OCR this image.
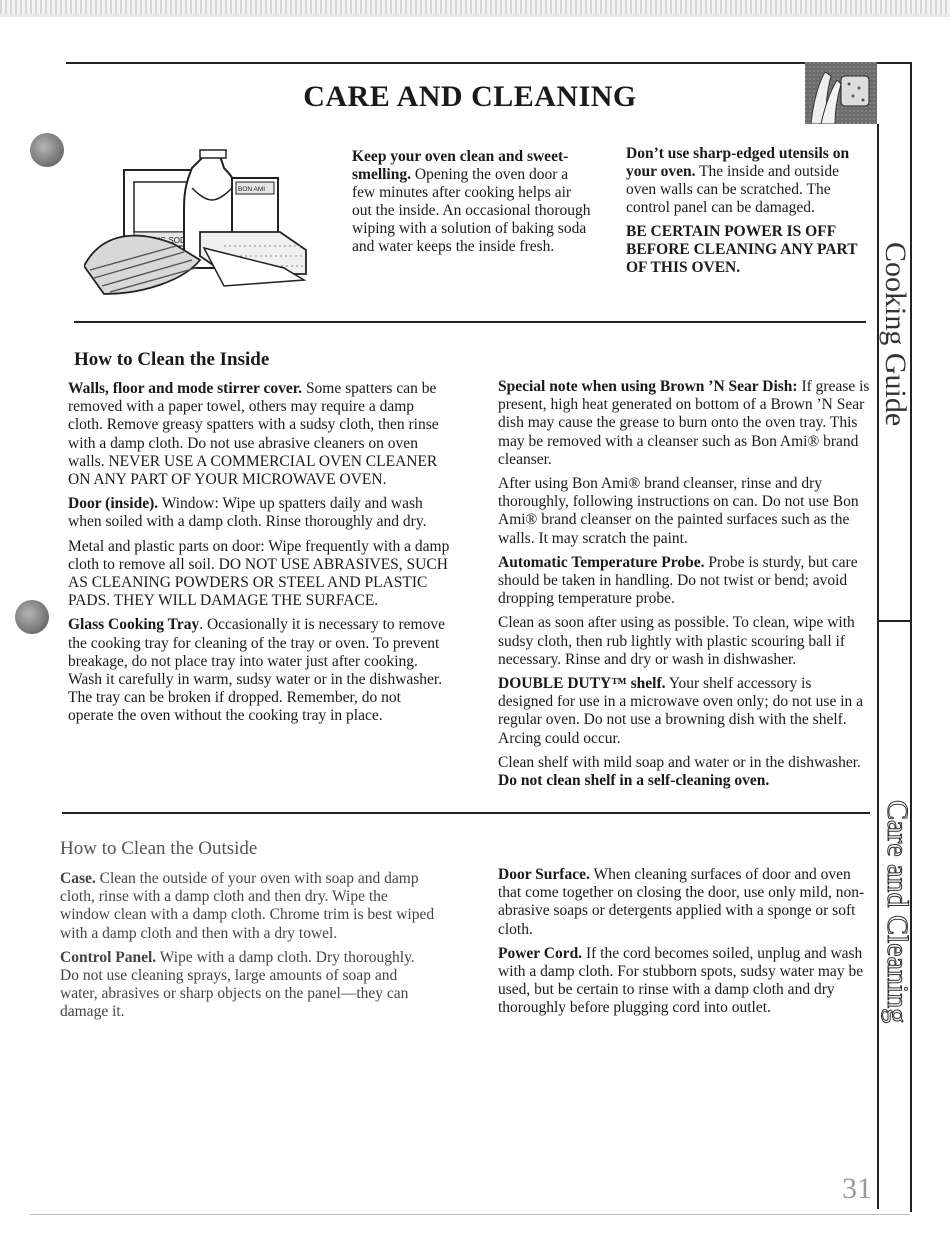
CARE AND CLEANING
Cooking Guide
Care and Cleaning
BON AMI
Keep your oven clean and sweet-smelling. Opening the oven door a few minutes after cooking helps air out the inside. An occasional thorough wiping with a solution of baking soda and water keeps the inside fresh.
Don’t use sharp-edged utensils on your oven. The inside and outside oven walls can be scratched. The control panel can be damaged.
BE CERTAIN POWER IS OFF BEFORE CLEANING ANY PART OF THIS OVEN.
How to Clean the Inside

Walls, floor and mode stirrer cover. Some spatters can be removed with a paper towel, others may require a damp cloth. Remove greasy spatters with a sudsy cloth, then rinse with a damp cloth. Do not use abrasive cleaners on oven walls. NEVER USE A COMMERCIAL OVEN CLEANER ON ANY PART OF YOUR MICROWAVE OVEN.

Door (inside). Window: Wipe up spatters daily and wash when soiled with a damp cloth. Rinse thoroughly and dry.

Metal and plastic parts on door: Wipe frequently with a damp cloth to remove all soil. DO NOT USE ABRASIVES, SUCH AS CLEANING POWDERS OR STEEL AND PLASTIC PADS. THEY WILL DAMAGE THE SURFACE.

Glass Cooking Tray. Occasionally it is necessary to remove the cooking tray for cleaning of the tray or oven. To prevent breakage, do not place tray into water just after cooking. Wash it carefully in warm, sudsy water or in the dishwasher. The tray can be broken if dropped. Remember, do not operate the oven without the cooking tray in place.

Special note when using Brown ’N Sear Dish: If grease is present, high heat generated on bottom of a Brown ’N Sear dish may cause the grease to burn onto the oven tray. This may be removed with a cleanser such as Bon Ami® brand cleanser.

After using Bon Ami® brand cleanser, rinse and dry thoroughly, following instructions on can. Do not use Bon Ami® brand cleanser on the painted surfaces such as the walls. It may scratch the paint.

Automatic Temperature Probe. Probe is sturdy, but care should be taken in handling. Do not twist or bend; avoid dropping temperature probe.

Clean as soon after using as possible. To clean, wipe with sudsy cloth, then rub lightly with plastic scouring ball if necessary. Rinse and dry or wash in dishwasher.

DOUBLE DUTY™ shelf. Your shelf accessory is designed for use in a microwave oven only; do not use in a regular oven. Do not use a browning dish with the shelf. Arcing could occur.

Clean shelf with mild soap and water or in the dishwasher. Do not clean shelf in a self-cleaning oven.

How to Clean the Outside

Case. Clean the outside of your oven with soap and damp cloth, rinse with a damp cloth and then dry. Wipe the window clean with a damp cloth. Chrome trim is best wiped with a damp cloth and then with a dry towel.

Control Panel. Wipe with a damp cloth. Dry thoroughly. Do not use cleaning sprays, large amounts of soap and water, abrasives or sharp objects on the panel—they can damage it.

Door Surface. When cleaning surfaces of door and oven that come together on closing the door, use only mild, non-abrasive soaps or detergents applied with a sponge or soft cloth.

Power Cord. If the cord becomes soiled, unplug and wash with a damp cloth. For stubborn spots, sudsy water may be used, but be certain to rinse with a damp cloth and dry thoroughly before plugging cord into outlet.

31
